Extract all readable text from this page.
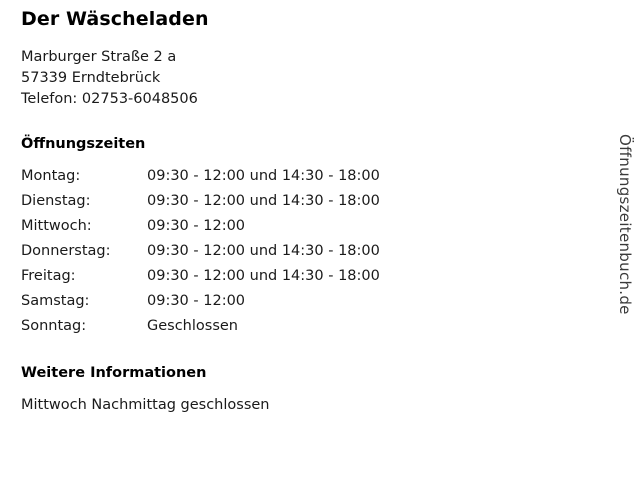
Der Wäscheladen
Marburger Straße 2 a
57339 Erndtebrück
Telefon: 02753-6048506
Öffnungszeiten
Montag:	09:30 - 12:00 und 14:30 - 18:00
Dienstag:	09:30 - 12:00 und 14:30 - 18:00
Mittwoch:	09:30 - 12:00
Donnerstag:	09:30 - 12:00 und 14:30 - 18:00
Freitag:	09:30 - 12:00 und 14:30 - 18:00
Samstag:	09:30 - 12:00
Sonntag:	Geschlossen
Weitere Informationen
Mittwoch Nachmittag geschlossen
Öffnungszeitenbuch.de
